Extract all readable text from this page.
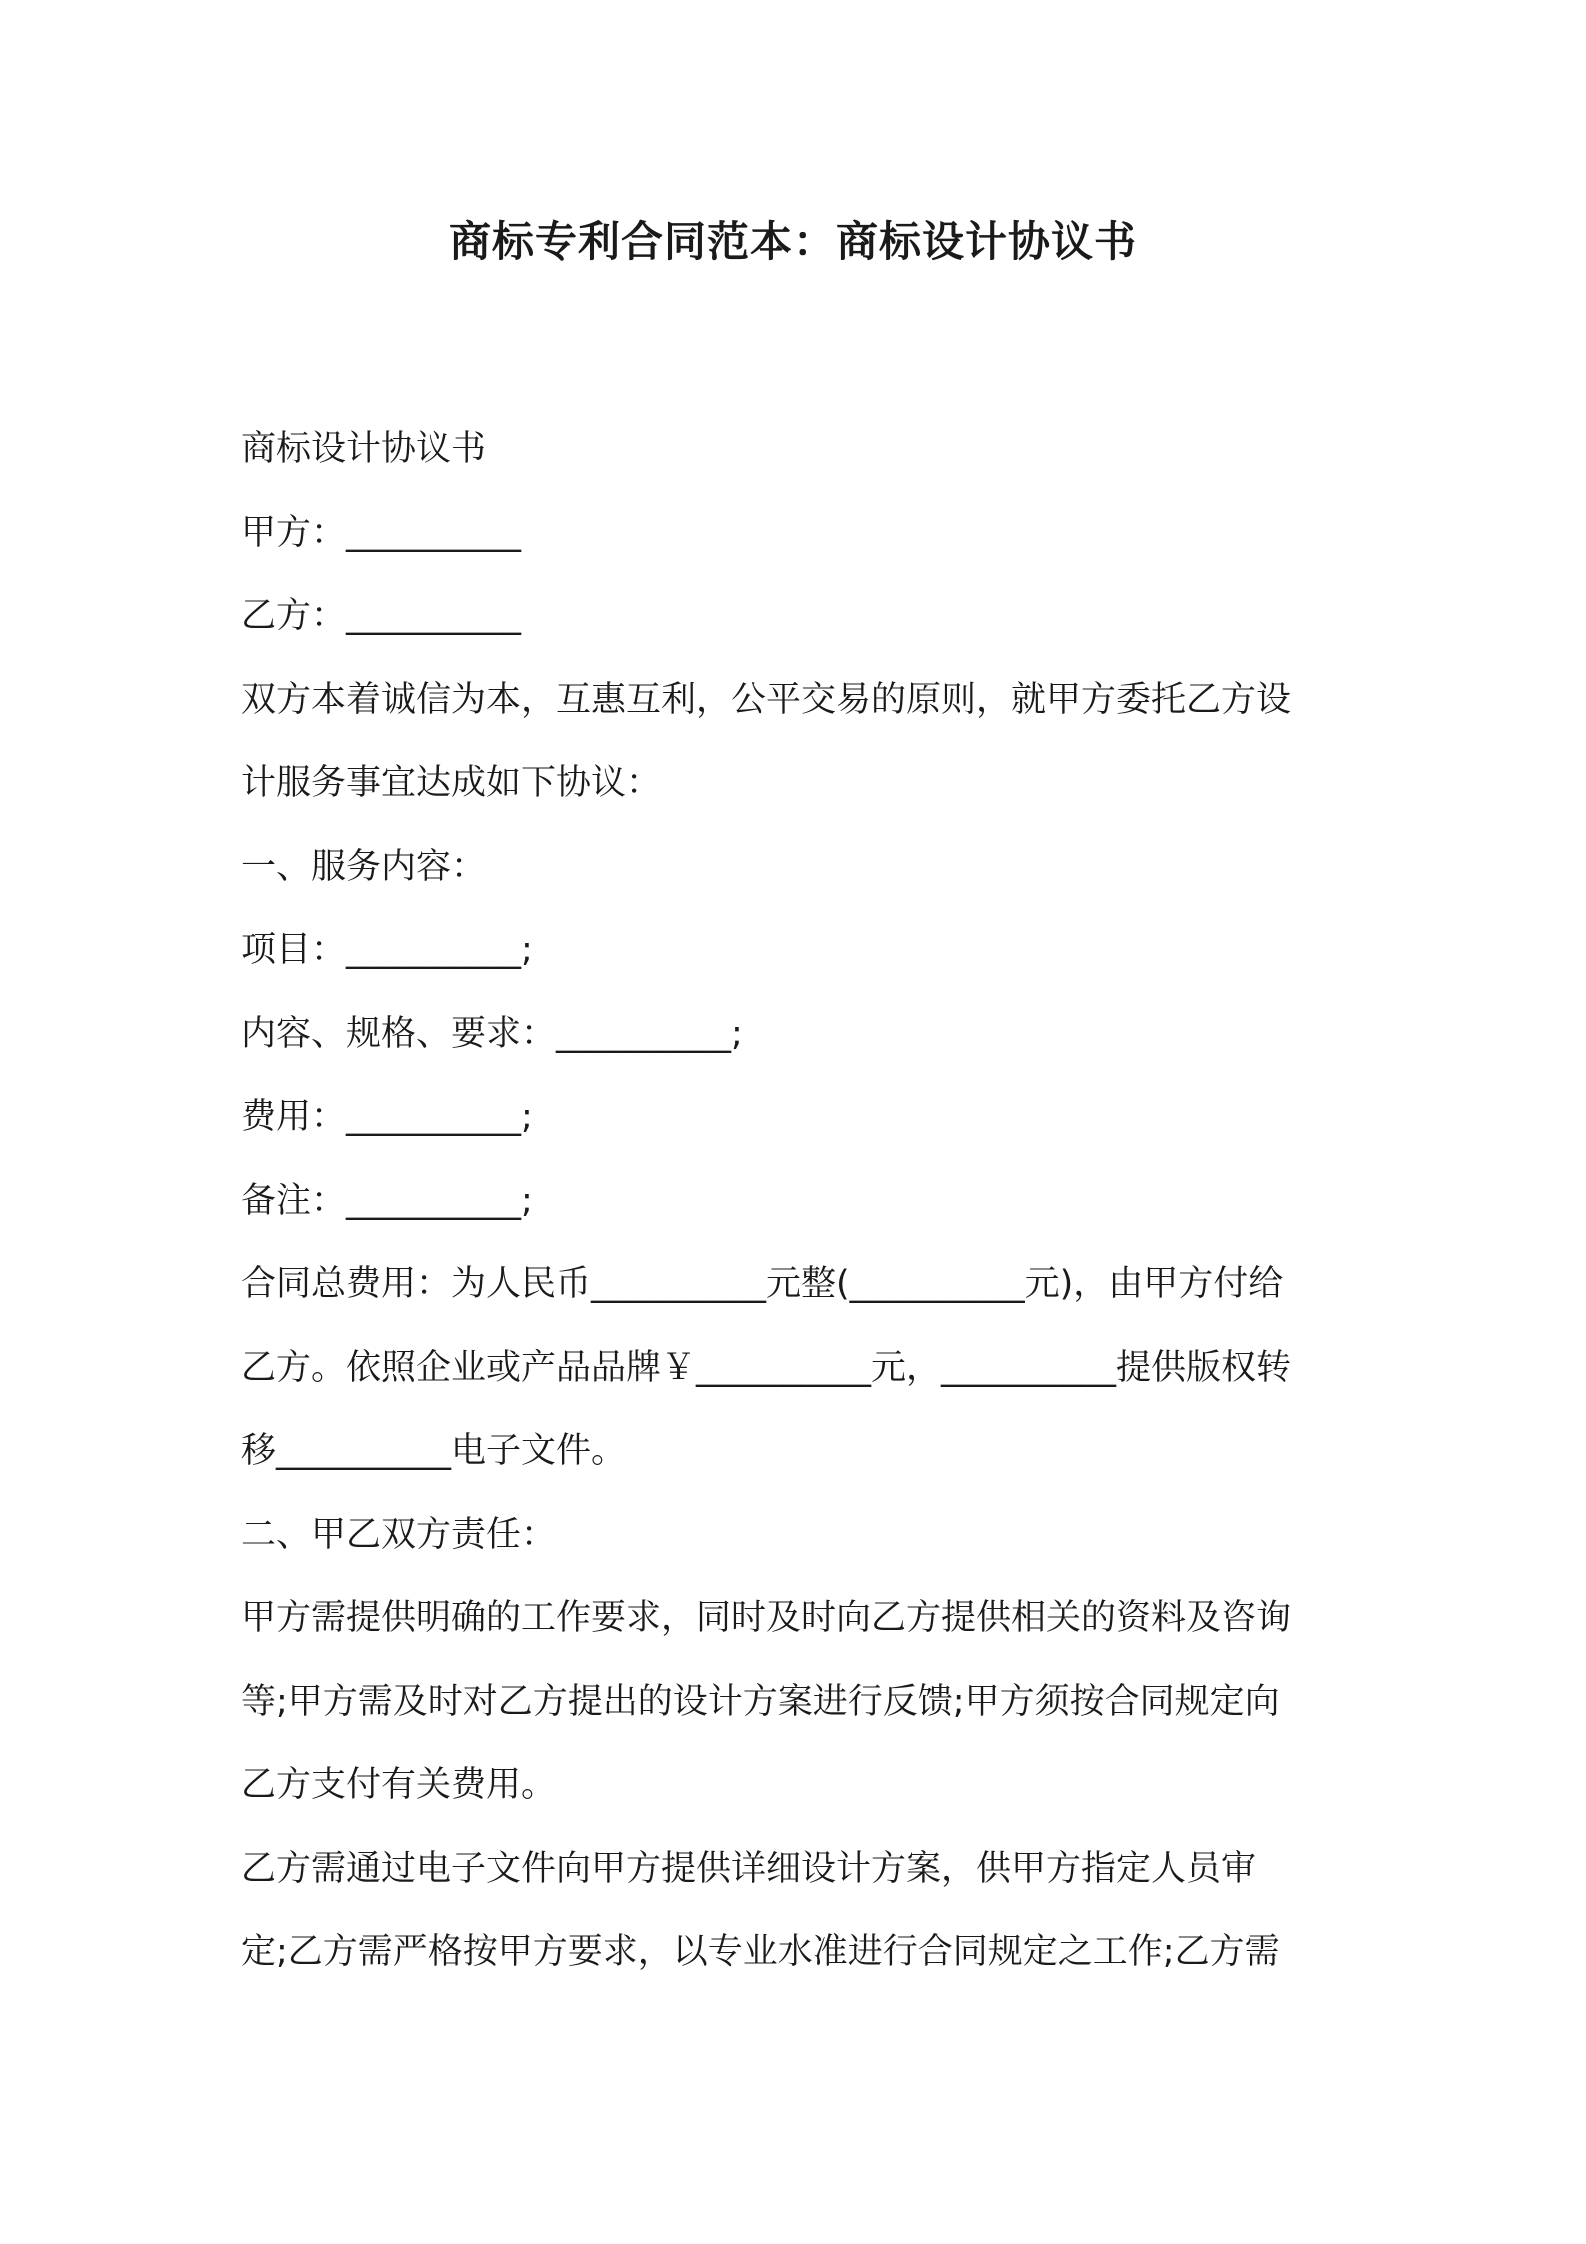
商标专利合同范本：商标设计协议书
商标设计协议书
甲方：__________
乙方：__________
双方本着诚信为本，互惠互利，公平交易的原则，就甲方委托乙方设
计服务事宜达成如下协议：
一、服务内容：
项目：__________;
内容、规格、要求：__________;
费用：__________;
备注：__________;
合同总费用：为人民币__________元整(__________元)，由甲方付给
乙方。依照企业或产品品牌￥__________元，__________提供版权转
移__________电子文件。
二、甲乙双方责任：
甲方需提供明确的工作要求，同时及时向乙方提供相关的资料及咨询
等;甲方需及时对乙方提出的设计方案进行反馈;甲方须按合同规定向
乙方支付有关费用。
乙方需通过电子文件向甲方提供详细设计方案，供甲方指定人员审
定;乙方需严格按甲方要求，以专业水准进行合同规定之工作;乙方需
